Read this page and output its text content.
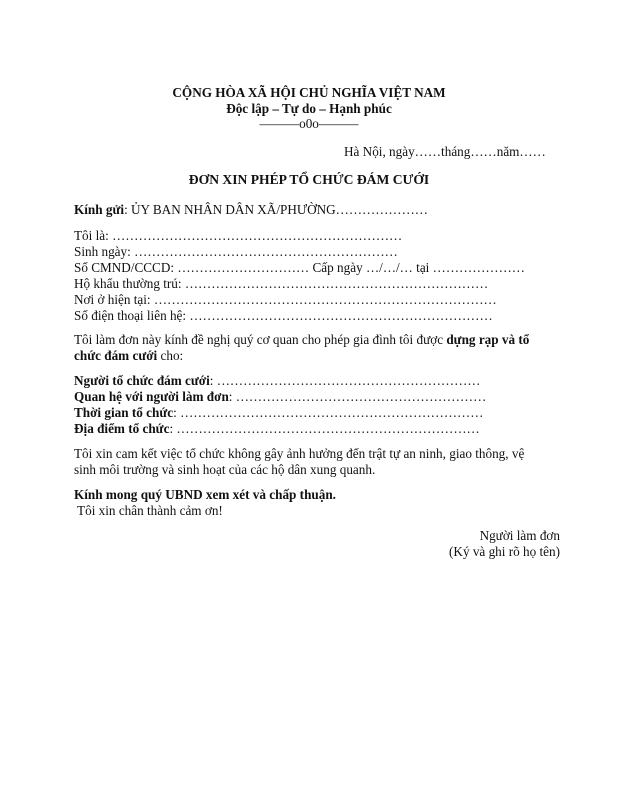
CỘNG HÒA XÃ HỘI CHỦ NGHĨA VIỆT NAM
Độc lập – Tự do – Hạnh phúc
———o0o———
Hà Nội, ngày……tháng……năm……
ĐƠN XIN PHÉP TỔ CHỨC ĐÁM CƯỚI
Kính gửi: ỦY BAN NHÂN DÂN XÃ/PHƯỜNG…………………
Tôi là: …………………………………………………………
Sinh ngày: ……………………………………………………
Số CMND/CCCD: ………………………… Cấp ngày …/…/… tại …………………
Hộ khẩu thường trú: ……………………………………………………………
Nơi ở hiện tại: ……………………………………………………………………
Số điện thoại liên hệ: ……………………………………………………………
Tôi làm đơn này kính đề nghị quý cơ quan cho phép gia đình tôi được dựng rạp và tổ
chức đám cưới cho:
Người tổ chức đám cưới: ……………………………………………………
Quan hệ với người làm đơn: …………………………………………………
Thời gian tổ chức: ……………………………………………………………
Địa điểm tổ chức: ……………………………………………………………
Tôi xin cam kết việc tổ chức không gây ảnh hưởng đến trật tự an ninh, giao thông, vệ
sinh môi trường và sinh hoạt của các hộ dân xung quanh.
Kính mong quý UBND xem xét và chấp thuận.
Tôi xin chân thành cảm ơn!
Người làm đơn
(Ký và ghi rõ họ tên)
